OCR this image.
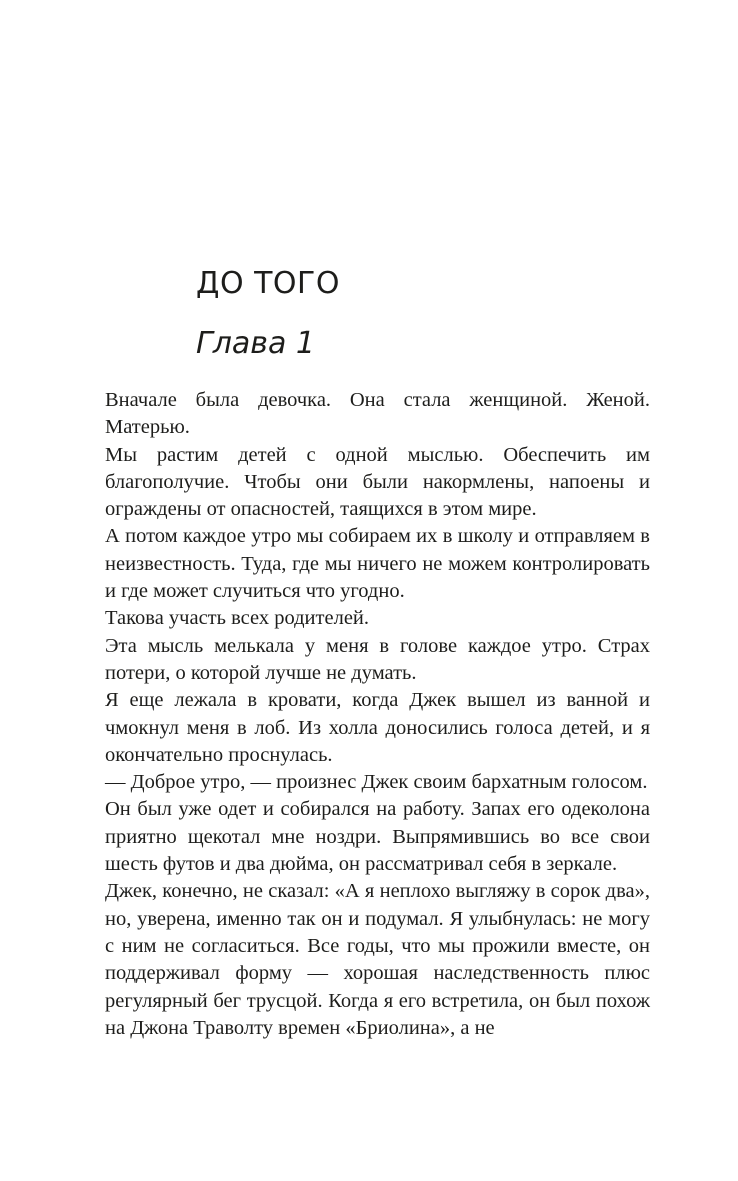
ДО ТОГО
Глава 1

Вначале была девочка. Она стала женщиной. Женой. Матерью.

Мы растим детей с одной мыслью. Обеспечить им благополучие. Чтобы они были накормлены, напоены и ограждены от опасностей, таящихся в этом мире.

А потом каждое утро мы собираем их в школу и отправляем в неизвестность. Туда, где мы ничего не можем контролировать и где может случиться что угодно.

Такова участь всех родителей.

Эта мысль мелькала у меня в голове каждое утро. Страх потери, о которой лучше не думать.

Я еще лежала в кровати, когда Джек вышел из ванной и чмокнул меня в лоб. Из холла доносились голоса детей, и я окончательно проснулась.

— Доброе утро, — произнес Джек своим бархатным голосом.

Он был уже одет и собирался на работу. Запах его одеколона приятно щекотал мне ноздри. Выпрямившись во все свои шесть футов и два дюйма, он рассматривал себя в зеркале.

Джек, конечно, не сказал: «А я неплохо выгляжу в сорок два», но, уверена, именно так он и подумал. Я улыбнулась: не могу с ним не согласиться. Все годы, что мы прожили вместе, он поддерживал форму — хорошая наследственность плюс регулярный бег трусцой. Когда я его встретила, он был похож на Джона Траволту времен «Бриолина», а не
